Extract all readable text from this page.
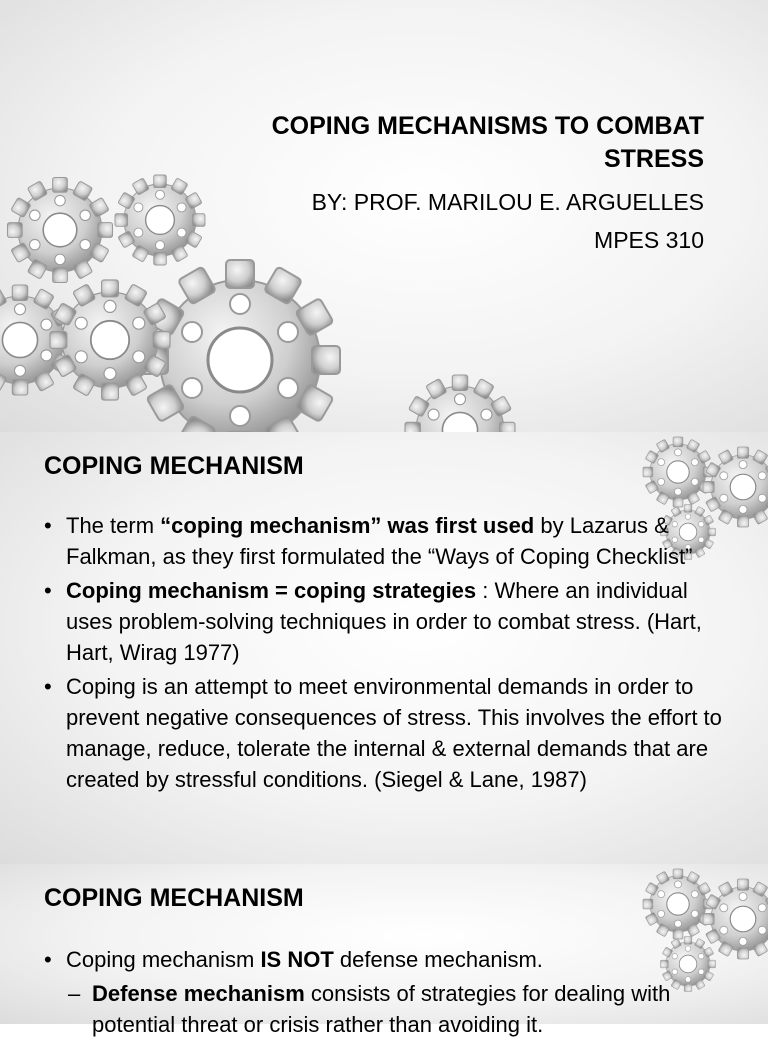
COPING MECHANISMS TO COMBAT STRESS
BY: PROF. MARILOU E. ARGUELLES
MPES 310
COPING MECHANISM
• The term “coping mechanism” was first used by Lazarus & Falkman, as they first formulated the “Ways of Coping Checklist”
• Coping mechanism = coping strategies : Where an individual uses problem-solving techniques in order to combat stress. (Hart, Hart, Wirag 1977)
• Coping is an attempt to meet environmental demands in order to prevent negative consequences of stress. This involves the effort to manage, reduce, tolerate the internal & external demands that are created by stressful conditions. (Siegel & Lane, 1987)
COPING MECHANISM
• Coping mechanism IS NOT defense mechanism.
– Defense mechanism consists of strategies for dealing with potential threat or crisis rather than avoiding it.
